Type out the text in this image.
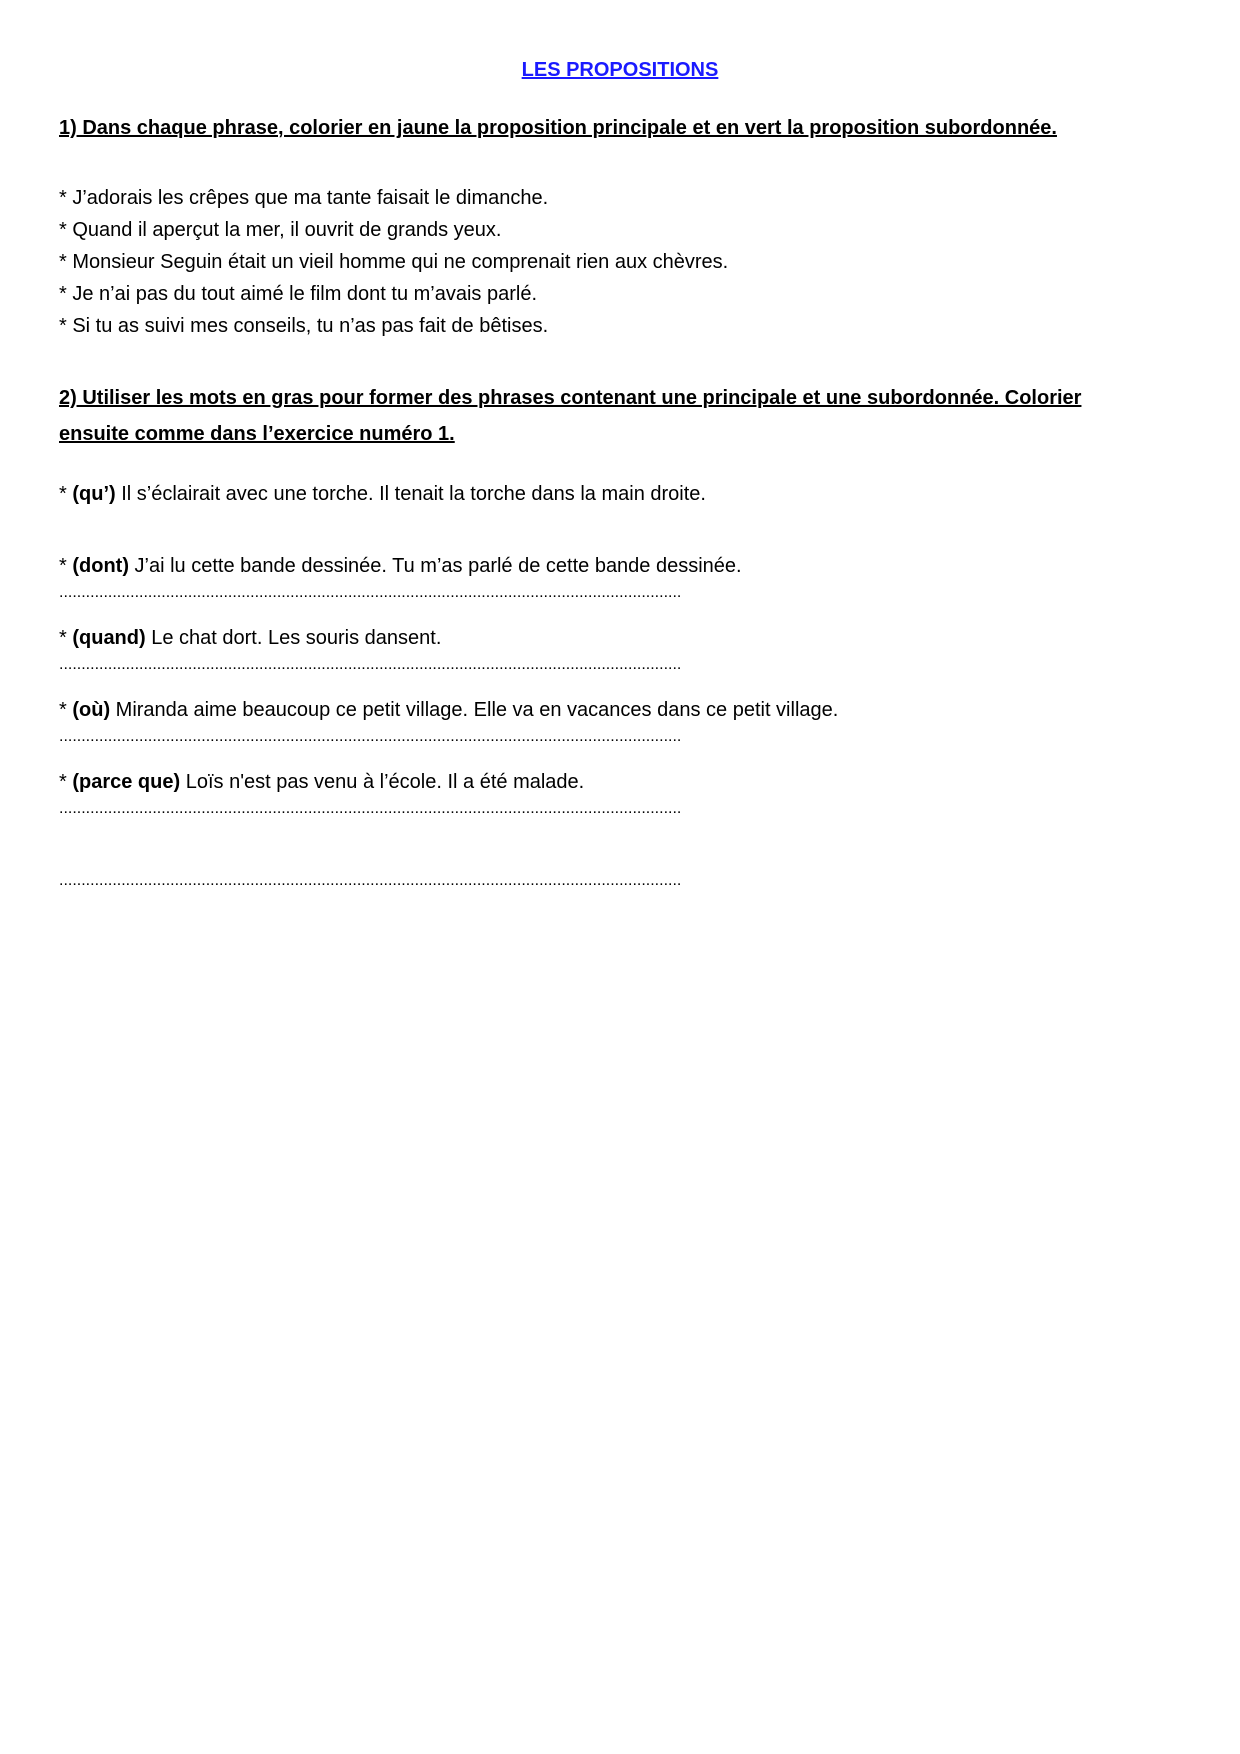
LES PROPOSITIONS
1) Dans chaque phrase, colorier en jaune la proposition principale et en vert la proposition subordonnée.
* J’adorais les crêpes que ma tante faisait le dimanche.
* Quand il aperçut la mer, il ouvrit de grands yeux.
* Monsieur Seguin était un vieil homme qui ne comprenait rien aux chèvres.
* Je n’ai pas du tout aimé le film dont tu m’avais parlé.
* Si tu as suivi mes conseils, tu n’as pas fait de bêtises.
2) Utiliser les mots en gras pour former des phrases contenant une principale et une subordonnée. Colorier ensuite comme dans l’exercice numéro 1.
* (qu’) Il s’éclairait avec une torche. Il tenait la torche dans la main droite.
............................................................................................................................................
* (dont) J’ai lu cette bande dessinée. Tu m’as parlé de cette bande dessinée.
............................................................................................................................................
* (quand) Le chat dort. Les souris dansent.
............................................................................................................................................
* (où) Miranda aime beaucoup ce petit village. Elle va en vacances dans ce petit village.
............................................................................................................................................
* (parce que) Loïs n'est pas venu à l’école. Il a été malade.
............................................................................................................................................
